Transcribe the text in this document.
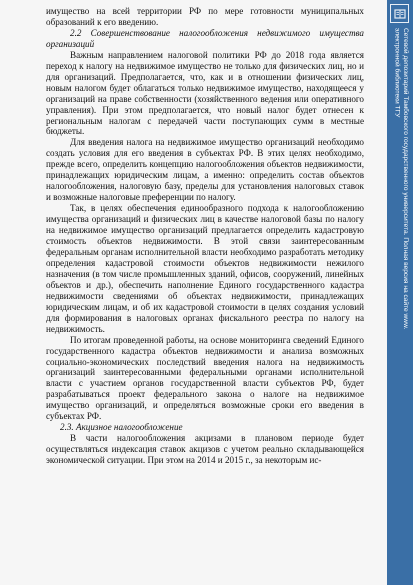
имущество на всей территории РФ по мере готовности муниципальных образований к его введению.

2.2 Совершенствование налогообложения недвижимого имущества организаций

Важным направлением налоговой политики РФ до 2018 года является переход к налогу на недвижимое имущество не только для физических лиц, но и для организаций. Предполагается, что, как и в отношении физических лиц, новым налогом будет облагаться только недвижимое имущество, находящееся у организаций на праве собственности (хозяйственного ведения или оперативного управления). При этом предполагается, что новый налог будет отнесен к региональным налогам с передачей части поступающих сумм в местные бюджеты.

Для введения налога на недвижимое имущество организаций необходимо создать условия для его введения в субъектах РФ. В этих целях необходимо, прежде всего, определить концепцию налогообложения объектов недвижимости, принадлежащих юридическим лицам, а именно: определить состав объектов налогообложения, налоговую базу, пределы для установления налоговых ставок и возможные налоговые преференции по налогу.

Так, в целях обеспечения единообразного подхода к налогообложению имущества организаций и физических лиц в качестве налоговой базы по налогу на недвижимое имущество организаций предлагается определить кадастровую стоимость объектов недвижимости. В этой связи заинтересованным федеральным органам исполнительной власти необходимо разработать методику определения кадастровой стоимости объектов недвижимости нежилого назначения (в том числе промышленных зданий, офисов, сооружений, линейных объектов и др.), обеспечить наполнение Единого государственного кадастра недвижимости сведениями об объектах недвижимости, принадлежащих юридическим лицам, и об их кадастровой стоимости в целях создания условий для формирования в налоговых органах фискального реестра по налогу на недвижимость.

По итогам проведенной работы, на основе мониторинга сведений Единого государственного кадастра объектов недвижимости и анализа возможных социально-экономических последствий введения налога на недвижимость организаций заинтересованными федеральными органами исполнительной власти с участием органов государственной власти субъектов РФ, будет разрабатываться проект федерального закона о налоге на недвижимое имущество организаций, и определяться возможные сроки его введения в субъектах РФ.

2.3. Акцизное налогообложение

В части налогообложения акцизами в плановом периоде будет осуществляться индексация ставок акцизов с учетом реально складывающейся экономической ситуации. При этом на 2014 и 2015 г., за некоторым ис-

Сетевой депозитарий Тамбовского государственного университета. Полная версия на сайте www.
электронной библиотеки ТГУ
